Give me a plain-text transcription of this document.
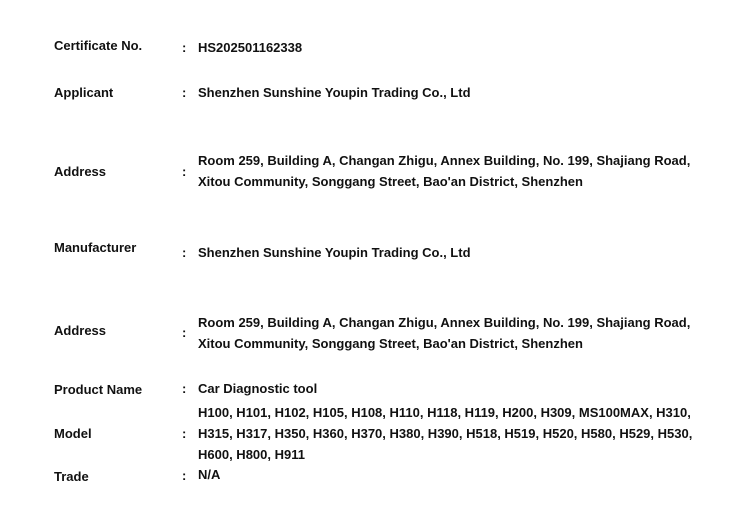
Certificate No.	: HS202501162338
Applicant	: Shenzhen Sunshine Youpin Trading Co., Ltd
Address	:
Room 259, Building A, Changan Zhigu, Annex Building, No. 199, Shajiang Road,
Xitou Community, Songgang Street, Bao'an District, Shenzhen
Manufacturer	: Shenzhen Sunshine Youpin Trading Co., Ltd
Address	:
Room 259, Building A, Changan Zhigu, Annex Building, No. 199, Shajiang Road,
Xitou Community, Songgang Street, Bao'an District, Shenzhen
Product Name	: Car Diagnostic tool
Model	:
H100, H101, H102, H105, H108, H110, H118, H119, H200, H309, MS100MAX, H310,
H315, H317, H350, H360, H370, H380, H390, H518, H519, H520, H580, H529, H530,
H600, H800, H911
Trade	: N/A
